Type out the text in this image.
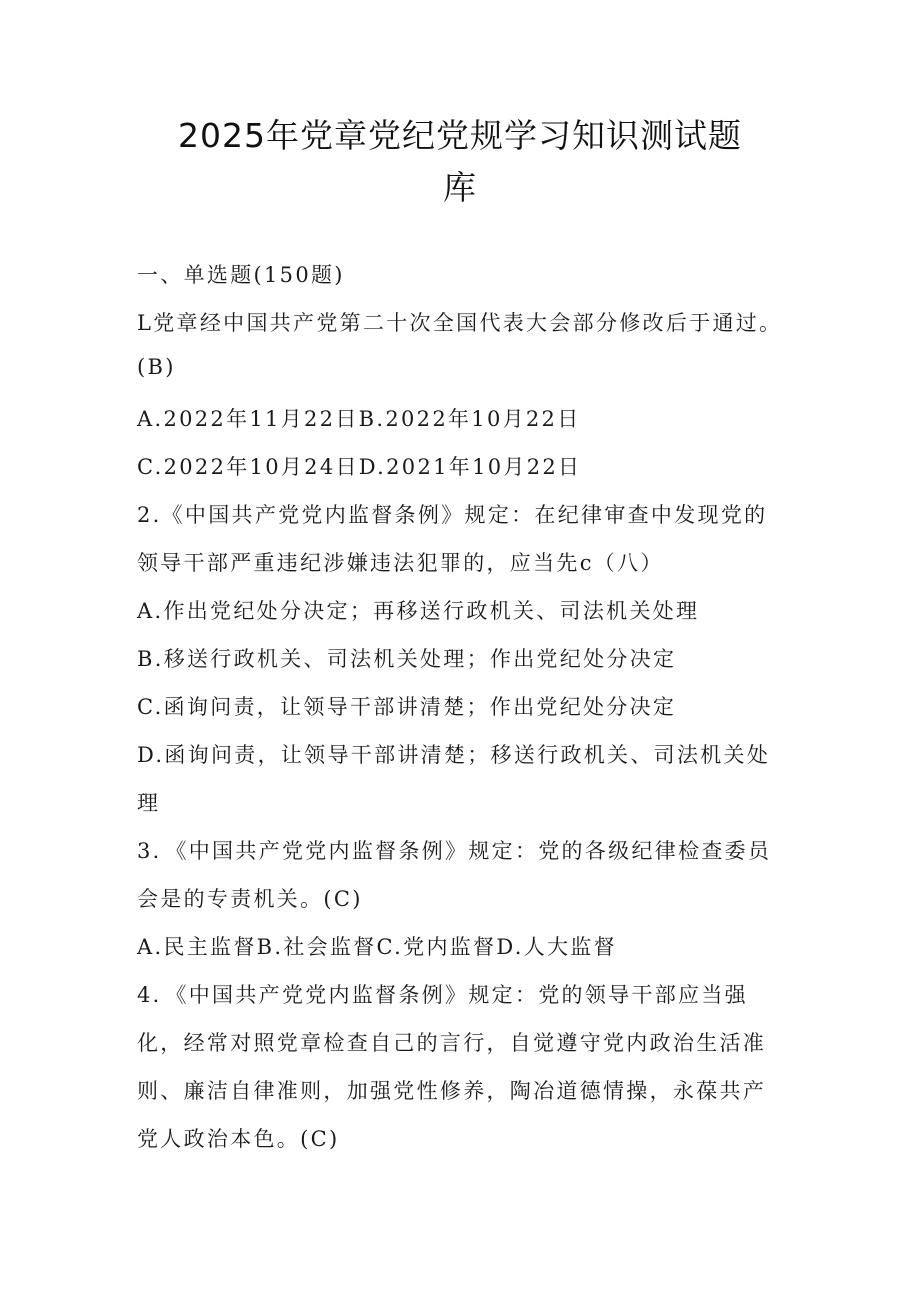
2025年党章党纪党规学习知识测试题
库
一、单选题(150题)
L党章经中国共产党第二十次全国代表大会部分修改后于通过。
(B)
A.2022年11月22日B.2022年10月22日
C.2022年10月24日D.2021年10月22日
2.《中国共产党党内监督条例》规定：在纪律审查中发现党的
领导干部严重违纪涉嫌违法犯罪的，应当先c（八）
A.作出党纪处分决定；再移送行政机关、司法机关处理
B.移送行政机关、司法机关处理；作出党纪处分决定
C.函询问责，让领导干部讲清楚；作出党纪处分决定
D.函询问责，让领导干部讲清楚；移送行政机关、司法机关处
理
3．《中国共产党党内监督条例》规定：党的各级纪律检查委员
会是的专责机关。(C)
A.民主监督B.社会监督C.党内监督D.人大监督
4．《中国共产党党内监督条例》规定：党的领导干部应当强
化，经常对照党章检查自己的言行，自觉遵守党内政治生活准
则、廉洁自律准则，加强党性修养，陶冶道德情操，永葆共产
党人政治本色。(C)
